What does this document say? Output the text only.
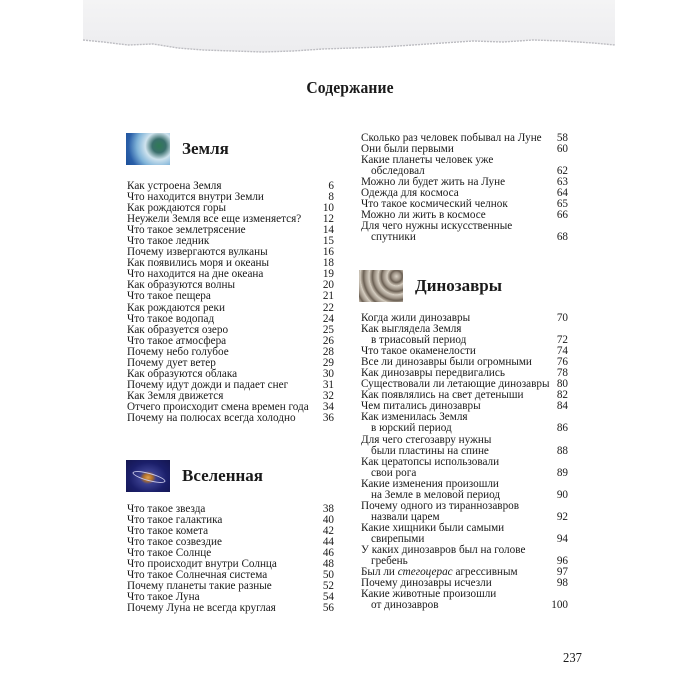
Содержание
Земля
Как устроена Земля	6
Что находится внутри Земли	8
Как рождаются горы	10
Неужели Земля все еще изменяется?	12
Что такое землетрясение	14
Что такое ледник	15
Почему извергаются вулканы	16
Как появились моря и океаны	18
Что находится на дне океана	19
Как образуются волны	20
Что такое пещера	21
Как рождаются реки	22
Что такое водопад	24
Как образуется озеро	25
Что такое атмосфера	26
Почему небо голубое	28
Почему дует ветер	29
Как образуются облака	30
Почему идут дожди и падает снег	31
Как Земля движется	32
Отчего происходит смена времен года	34
Почему на полюсах всегда холодно	36
Вселенная
Что такое звезда	38
Что такое галактика	40
Что такое комета	42
Что такое созвездие	44
Что такое Солнце	46
Что происходит внутри Солнца	48
Что такое Солнечная система	50
Почему планеты такие разные	52
Что такое Луна	54
Почему Луна не всегда круглая	56
Сколько раз человек побывал на Луне	58
Они были первыми	60
Какие планеты человек уже
обследовал	62
Можно ли будет жить на Луне	63
Одежда для космоса	64
Что такое космический челнок	65
Можно ли жить в космосе	66
Для чего нужны искусственные
спутники	68
Динозавры
Когда жили динозавры	70
Как выглядела Земля
в триасовый период	72
Что такое окаменелости	74
Все ли динозавры были огромными	76
Как динозавры передвигались	78
Существовали ли летающие динозавры 80
Как появлялись на свет детеныши	82
Чем питались динозавры	84
Как изменилась Земля
в юрский период	86
Для чего стегозавру нужны
были пластины на спине	88
Как цератопсы использовали
свои рога	89
Какие изменения произошли
на Земле в меловой период	90
Почему одного из тираннозавров
назвали царем	92
Какие хищники были самыми
свирепыми	94
У каких динозавров был на голове
гребень	96
Был ли стегоцерас агрессивным	97
Почему динозавры исчезли	98
Какие животные произошли
от динозавров	100
237
